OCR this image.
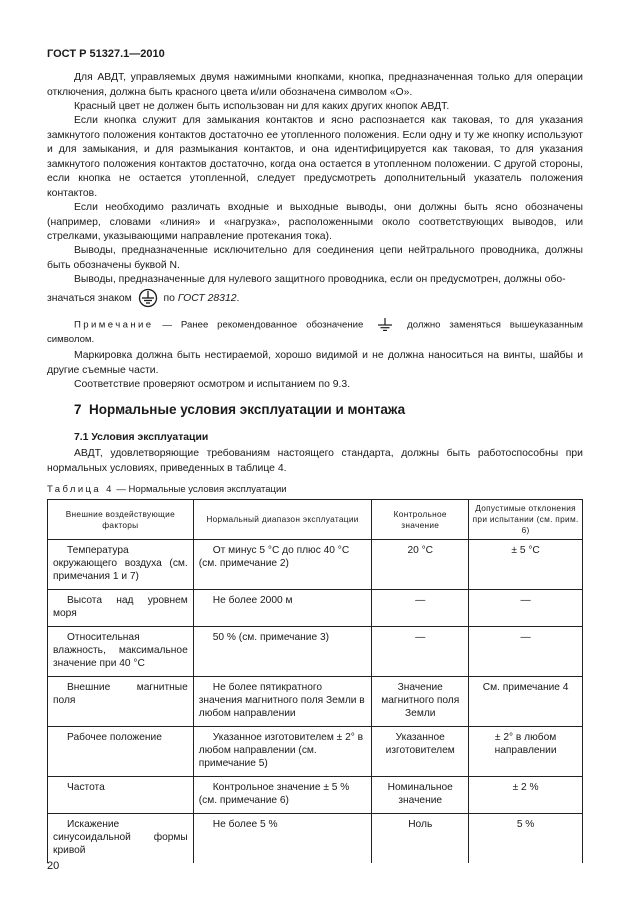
ГОСТ Р 51327.1—2010

Для АВДТ, управляемых двумя нажимными кнопками, кнопка, предназначенная только для операции отключения, должна быть красного цвета и/или обозначена символом «О».

Красный цвет не должен быть использован ни для каких других кнопок АВДТ.

Если кнопка служит для замыкания контактов и ясно распознается как таковая, то для указания замкнутого положения контактов достаточно ее утопленного положения. Если одну и ту же кнопку используют и для замыкания, и для размыкания контактов, и она идентифицируется как таковая, то для указания замкнутого положения контактов достаточно, когда она остается в утопленном положении. С другой стороны, если кнопка не остается утопленной, следует предусмотреть дополнительный указатель положения контактов.

Если необходимо различать входные и выходные выводы, они должны быть ясно обозначены (например, словами «линия» и «нагрузка», расположенными около соответствующих выводов, или стрелками, указывающими направление протекания тока).

Выводы, предназначенные исключительно для соединения цепи нейтрального проводника, должны быть обозначены буквой N.

Выводы, предназначенные для нулевого защитного проводника, если он предусмотрен, должны обо-

значаться знаком	по ГОСТ 28312.

Примечание — Ранее рекомендованное обозначение	должно заменяться вышеуказанным символом.

Маркировка должна быть нестираемой, хорошо видимой и не должна наноситься на винты, шайбы и другие съемные части.

Соответствие проверяют осмотром и испытанием по 9.3.

7 Нормальные условия эксплуатации и монтажа
7.1 Условия эксплуатации

АВДТ, удовлетворяющие требованиям настоящего стандарта, должны быть работоспособны при нормальных условиях, приведенных в таблице 4.

Таблица 4 — Нормальные условия эксплуатации
Внешние воздействующие факторы	Нормальный диапазон эксплуатации	Контрольное значение	Допустимые отклонения при испытании (см. прим. 6)
Температура окружающего воздуха (см. примечания 1 и 7)	От минус 5 °С до плюс 40 °С (см. примечание 2)	20 °С	± 5 °С
Высота над уровнем моря	Не более 2000 м	—	—
Относительная влажность, максимальное значение при 40 °С	50 % (см. примечание 3)	—	—
Внешние магнитные поля	Не более пятикратного значения магнитного поля Земли в любом направлении	Значение магнитного поля Земли	См. примечание 4
Рабочее положение	Указанное изготовителем ± 2° в любом направлении (см. примечание 5)	Указанное изготовителем	± 2° в любом направлении
Частота	Контрольное значение ± 5 % (см. примечание 6)	Номинальное значение	± 2 %
Искажение синусоидальной формы кривой	Не более 5 %	Ноль	5 %
20
